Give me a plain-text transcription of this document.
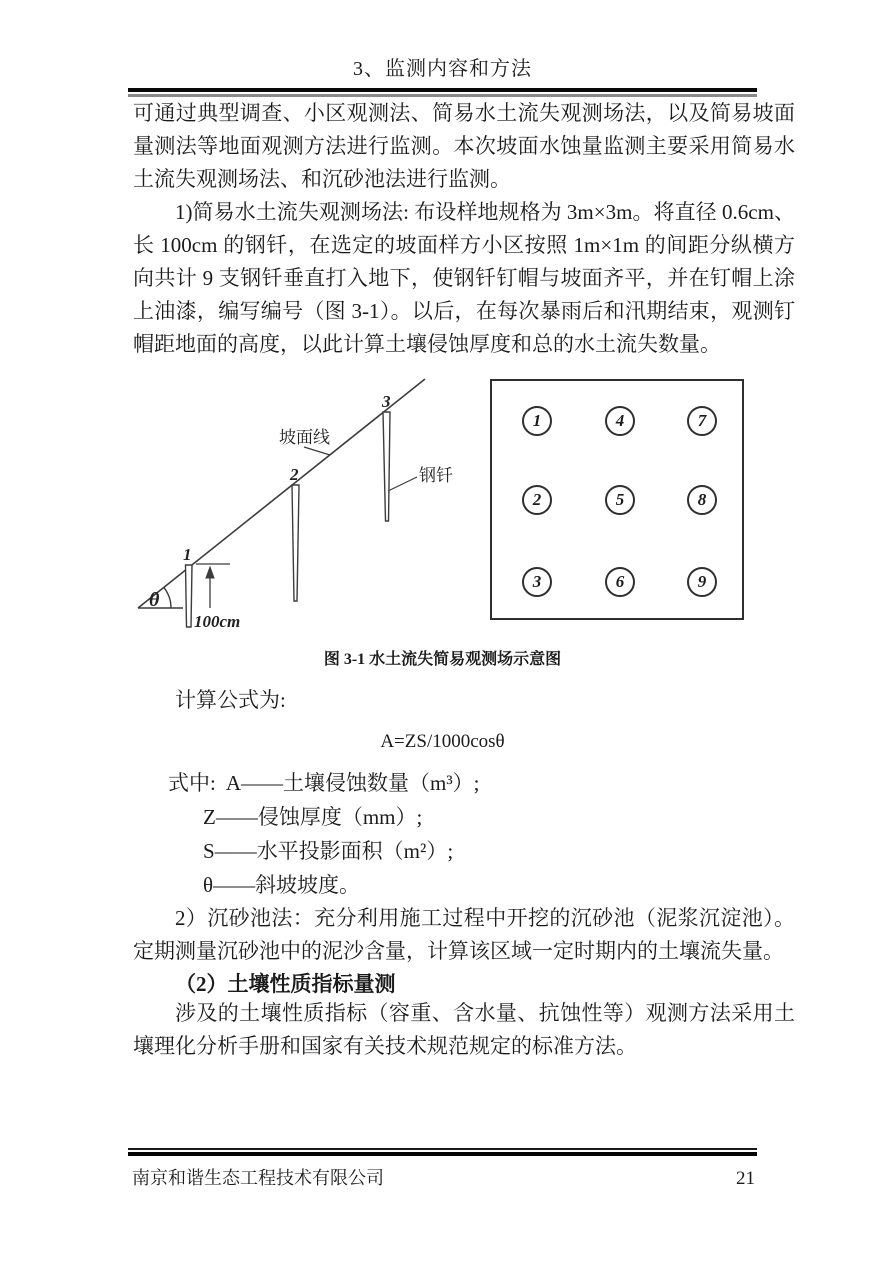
3、监测内容和方法

可通过典型调查、小区观测法、简易水土流失观测场法，以及简易坡面量测法等地面观测方法进行监测。本次坡面水蚀量监测主要采用简易水土流失观测场法、和沉砂池法进行监测。

1)简易水土流失观测场法: 布设样地规格为 3m×3m。将直径 0.6cm、长 100cm 的钢钎，在选定的坡面样方小区按照 1m×1m 的间距分纵横方向共计 9 支钢钎垂直打入地下，使钢钎钉帽与坡面齐平，并在钉帽上涂上油漆，编写编号（图 3-1）。以后，在每次暴雨后和汛期结束，观测钉帽距地面的高度，以此计算土壤侵蚀厚度和总的水土流失数量。

θ
1
100cm
2
3
坡面线
钢钎
1	4	7
2	5	8
3	6	9
图 3-1 水土流失简易观测场示意图

计算公式为:

A=ZS/1000cosθ
式中: A——土壤侵蚀数量（m³）;
Z——侵蚀厚度（mm）;
S——水平投影面积（m²）;
θ——斜坡坡度。

2）沉砂池法：充分利用施工过程中开挖的沉砂池（泥浆沉淀池）。定期测量沉砂池中的泥沙含量，计算该区域一定时期内的土壤流失量。

（2）土壤性质指标量测

涉及的土壤性质指标（容重、含水量、抗蚀性等）观测方法采用土壤理化分析手册和国家有关技术规范规定的标准方法。

南京和谐生态工程技术有限公司	21
